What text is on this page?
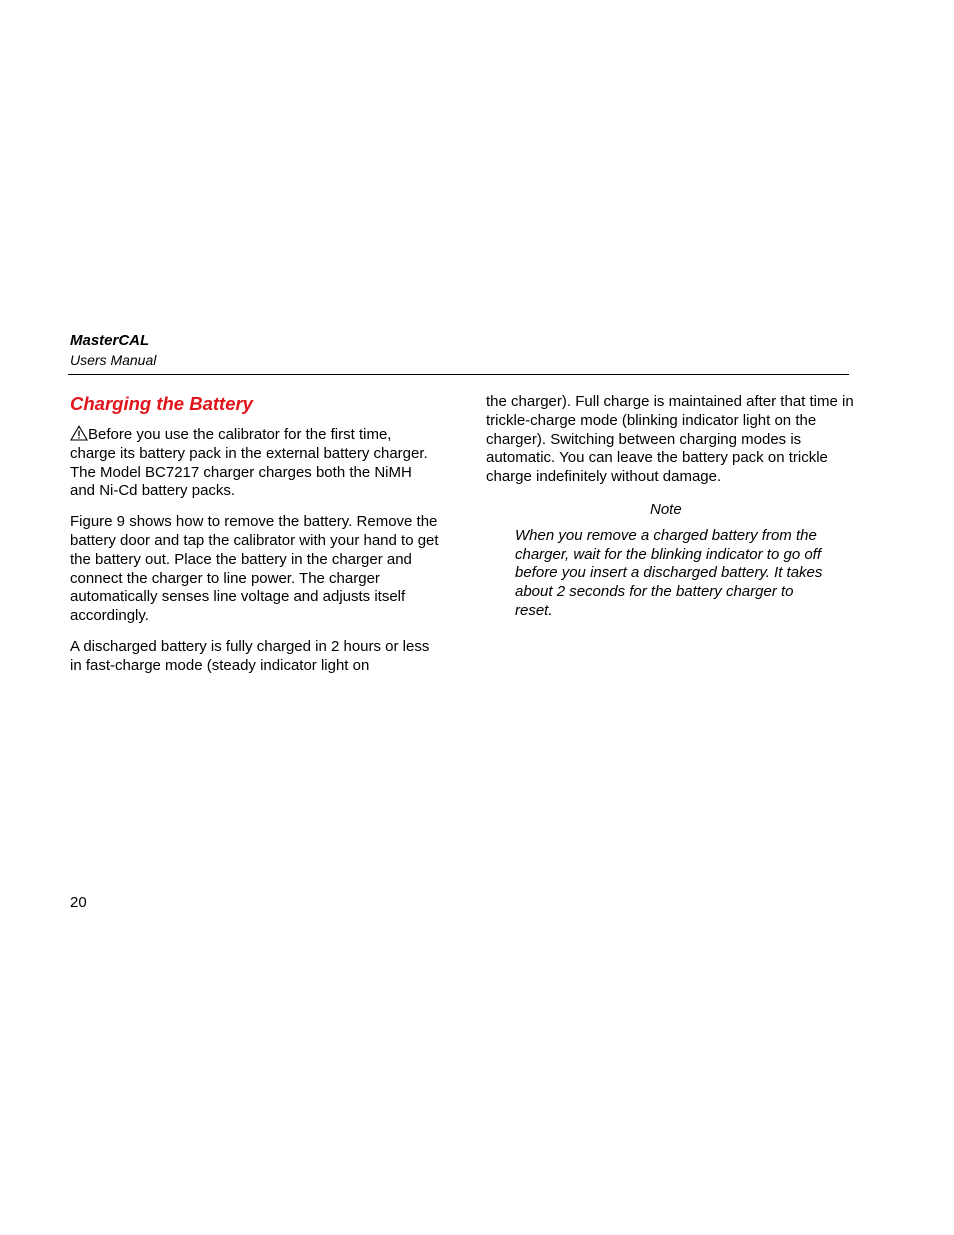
MasterCAL
Users Manual
Charging the Battery

Before you use the calibrator for the first time, charge its battery pack in the external battery charger. The Model BC7217 charger charges both the NiMH and Ni-Cd battery packs.

Figure 9 shows how to remove the battery. Remove the battery door and tap the calibrator with your hand to get the battery out. Place the battery in the charger and connect the charger to line power. The charger automatically senses line voltage and adjusts itself accordingly.

A discharged battery is fully charged in 2 hours or less in fast-charge mode (steady indicator light on

the charger). Full charge is maintained after that time in trickle-charge mode (blinking indicator light on the charger). Switching between charging modes is automatic. You can leave the battery pack on trickle charge indefinitely without damage.

Note

When you remove a charged battery from the charger, wait for the blinking indicator to go off before you insert a discharged battery. It takes about 2 seconds for the battery charger to reset.

20
